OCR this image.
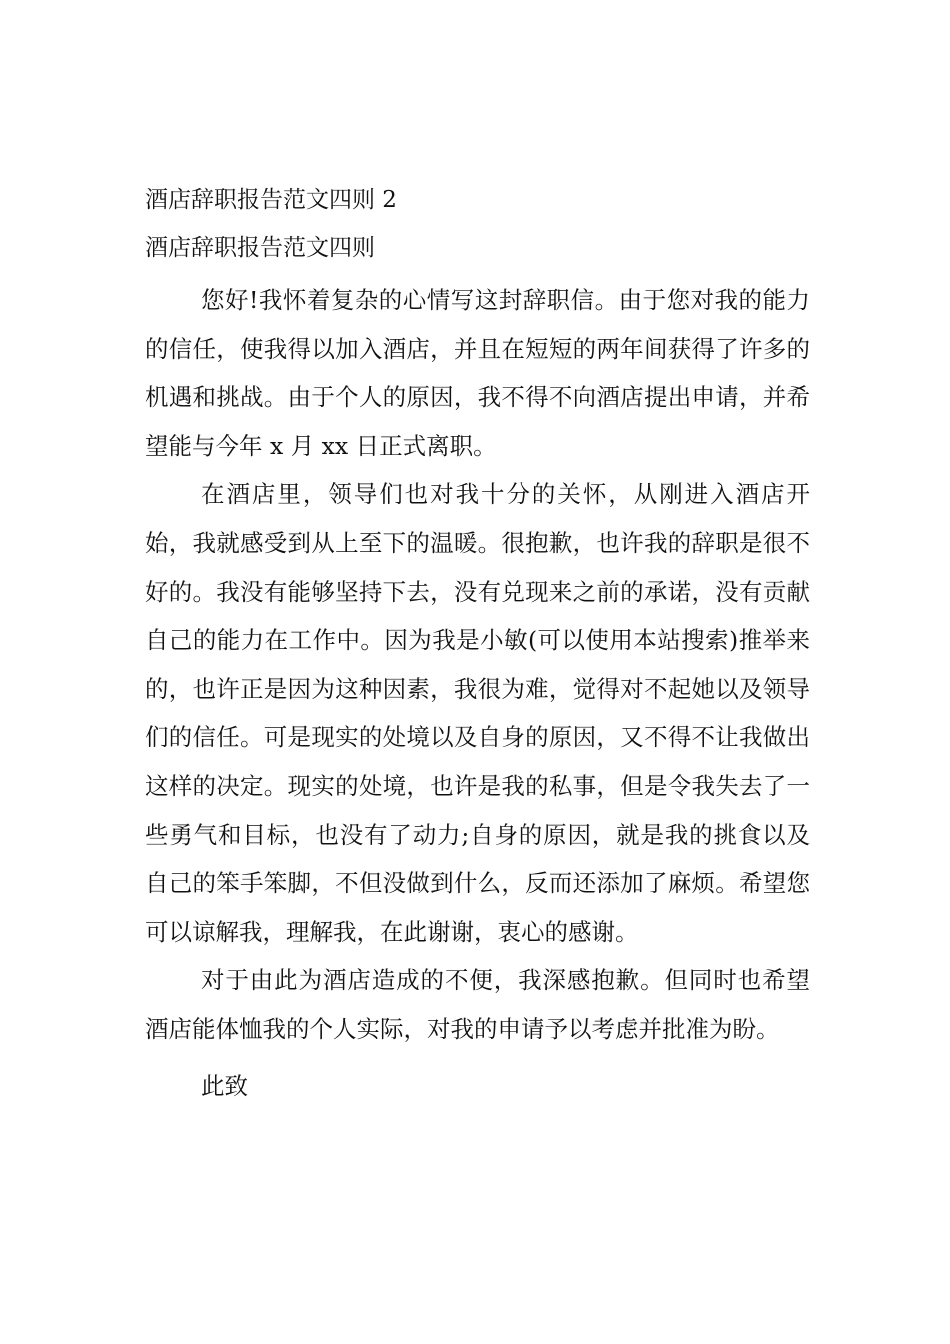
酒店辞职报告范文四则 2
酒店辞职报告范文四则

您好!我怀着复杂的心情写这封辞职信。由于您对我的能力的信任，使我得以加入酒店，并且在短短的两年间获得了许多的机遇和挑战。由于个人的原因，我不得不向酒店提出申请，并希望能与今年 x 月 xx 日正式离职。

在酒店里，领导们也对我十分的关怀，从刚进入酒店开始，我就感受到从上至下的温暖。很抱歉，也许我的辞职是很不好的。我没有能够坚持下去，没有兑现来之前的承诺，没有贡献自己的能力在工作中。因为我是小敏(可以使用本站搜索)推举来的，也许正是因为这种因素，我很为难，觉得对不起她以及领导们的信任。可是现实的处境以及自身的原因，又不得不让我做出这样的决定。现实的处境，也许是我的私事，但是令我失去了一些勇气和目标，也没有了动力;自身的原因，就是我的挑食以及自己的笨手笨脚，不但没做到什么，反而还添加了麻烦。希望您可以谅解我，理解我，在此谢谢，衷心的感谢。

对于由此为酒店造成的不便，我深感抱歉。但同时也希望酒店能体恤我的个人实际，对我的申请予以考虑并批准为盼。

此致
